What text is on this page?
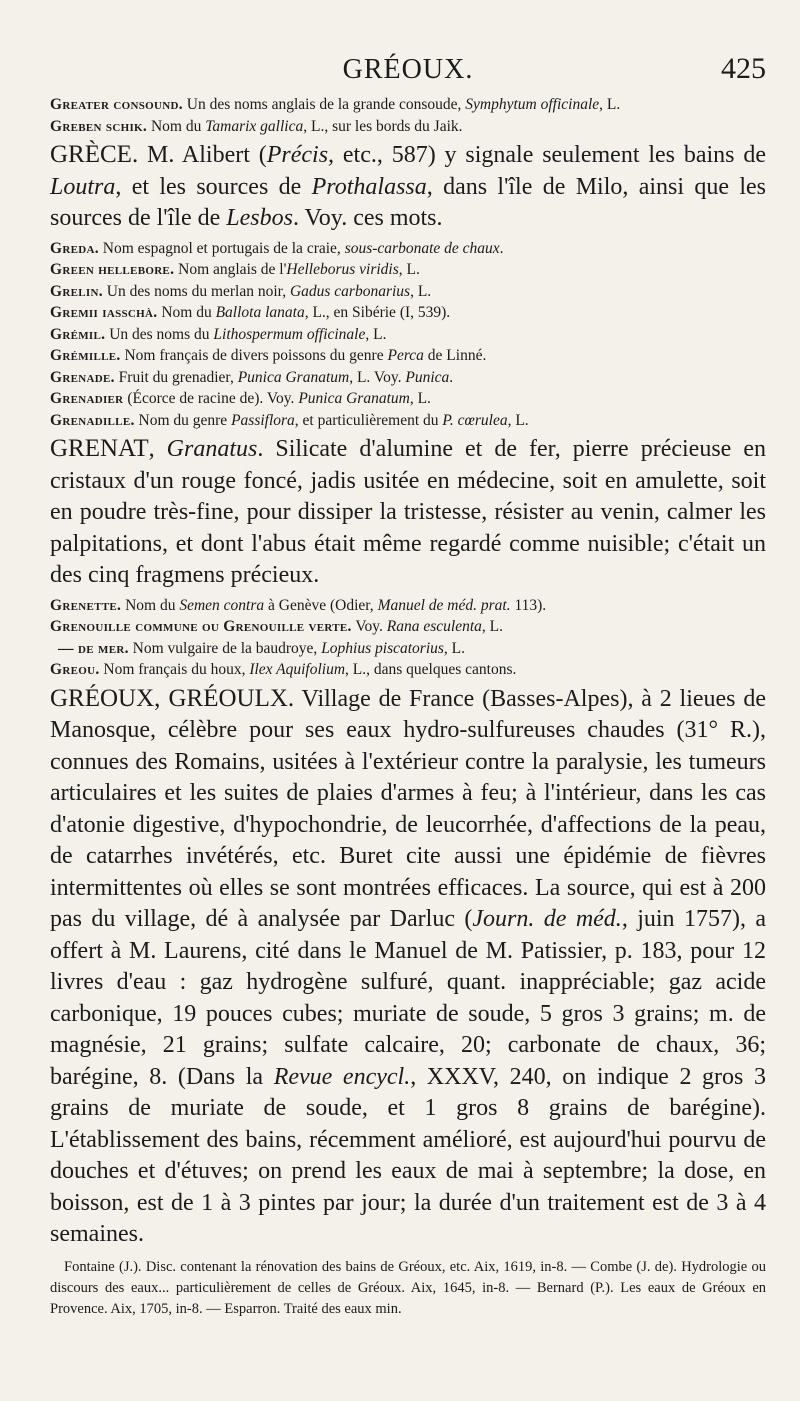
GRÉOUX.	425

Greater consound. Un des noms anglais de la grande consoude, Symphytum officinale, L.

Greben schik. Nom du Tamarix gallica, L., sur les bords du Jaik.

GRÈCE. M. Alibert (Précis, etc., 587) y signale seulement les bains de Loutra, et les sources de Prothalassa, dans l'île de Milo, ainsi que les sources de l'île de Lesbos. Voy. ces mots.

Greda. Nom espagnol et portugais de la craie, sous-carbonate de chaux.

Green hellebore. Nom anglais de l'Helleborus viridis, L.

Grelin. Un des noms du merlan noir, Gadus carbonarius, L.

Gremii iasschà. Nom du Ballota lanata, L., en Sibérie (I, 539).

Grémil. Un des noms du Lithospermum officinale, L.

Grémille. Nom français de divers poissons du genre Perca de Linné.

Grenade. Fruit du grenadier, Punica Granatum, L. Voy. Punica.

Grenadier (Écorce de racine de). Voy. Punica Granatum, L.

Grenadille. Nom du genre Passiflora, et particulièrement du P. cœrulea, L.

GRENAT, Granatus. Silicate d'alumine et de fer, pierre précieuse en cristaux d'un rouge foncé, jadis usitée en médecine, soit en amulette, soit en poudre très-fine, pour dissiper la tristesse, résister au venin, calmer les palpitations, et dont l'abus était même regardé comme nuisible; c'était un des cinq fragmens précieux.

Grenette. Nom du Semen contra à Genève (Odier, Manuel de méd. prat. 113).

Grenouille commune ou Grenouille verte. Voy. Rana esculenta, L.

— de mer. Nom vulgaire de la baudroye, Lophius piscatorius, L.

Greou. Nom français du houx, Ilex Aquifolium, L., dans quelques cantons.

GRÉOUX, GRÉOULX. Village de France (Basses-Alpes), à 2 lieues de Manosque, célèbre pour ses eaux hydro-sulfureuses chaudes (31° R.), connues des Romains, usitées à l'extérieur contre la paralysie, les tumeurs articulaires et les suites de plaies d'armes à feu; à l'intérieur, dans les cas d'atonie digestive, d'hypochondrie, de leucorrhée, d'affections de la peau, de catarrhes invétérés, etc. Buret cite aussi une épidémie de fièvres intermittentes où elles se sont montrées efficaces. La source, qui est à 200 pas du village, dé à analysée par Darluc (Journ. de méd., juin 1757), a offert à M. Laurens, cité dans le Manuel de M. Patissier, p. 183, pour 12 livres d'eau : gaz hydrogène sulfuré, quant. inappréciable; gaz acide carbonique, 19 pouces cubes; muriate de soude, 5 gros 3 grains; m. de magnésie, 21 grains; sulfate calcaire, 20; carbonate de chaux, 36; barégine, 8. (Dans la Revue encycl., XXXV, 240, on indique 2 gros 3 grains de muriate de soude, et 1 gros 8 grains de barégine). L'établissement des bains, récemment amélioré, est aujourd'hui pourvu de douches et d'étuves; on prend les eaux de mai à septembre; la dose, en boisson, est de 1 à 3 pintes par jour; la durée d'un traitement est de 3 à 4 semaines.

Fontaine (J.). Disc. contenant la rénovation des bains de Gréoux, etc. Aix, 1619, in-8. — Combe (J. de). Hydrologie ou discours des eaux... particulièrement de celles de Gréoux. Aix, 1645, in-8. — Bernard (P.). Les eaux de Gréoux en Provence. Aix, 1705, in-8. — Esparron. Traité des eaux min.
